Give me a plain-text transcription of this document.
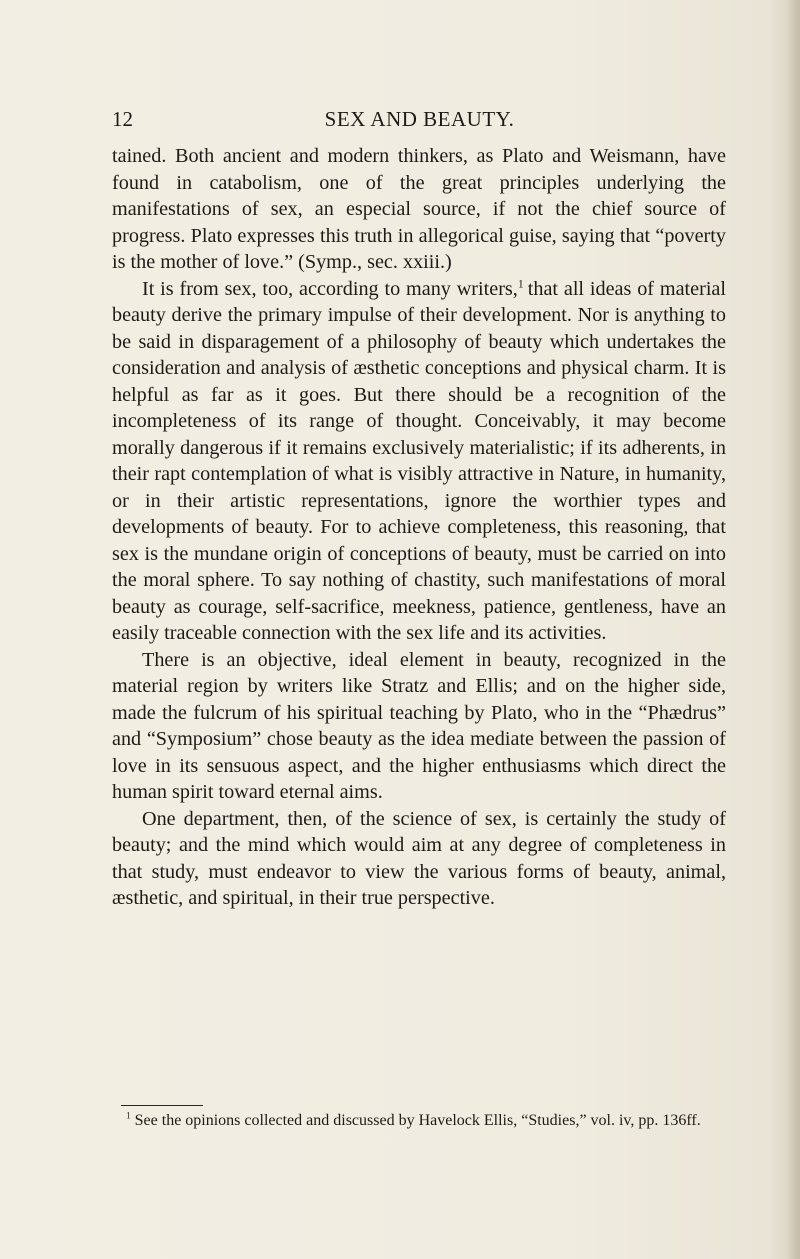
12	SEX AND BEAUTY.

tained. Both ancient and modern thinkers, as Plato and Weismann, have found in catabolism, one of the great principles underlying the manifestations of sex, an especial source, if not the chief source of progress. Plato expresses this truth in allegorical guise, saying that “poverty is the mother of love.” (Symp., sec. xxiii.)

It is from sex, too, according to many writers,$^1$ that all ideas of material beauty derive the primary impulse of their development. Nor is anything to be said in disparagement of a philosophy of beauty which undertakes the consideration and analysis of æsthetic conceptions and physical charm. It is helpful as far as it goes. But there should be a recognition of the incompleteness of its range of thought. Conceivably, it may become morally dangerous if it remains exclusively materialistic; if its adherents, in their rapt contemplation of what is visibly attractive in Nature, in humanity, or in their artistic representations, ignore the worthier types and developments of beauty. For to achieve completeness, this reasoning, that sex is the mundane origin of conceptions of beauty, must be carried on into the moral sphere. To say nothing of chastity, such manifestations of moral beauty as courage, self-sacrifice, meekness, patience, gentleness, have an easily traceable connection with the sex life and its activities.

There is an objective, ideal element in beauty, recognized in the material region by writers like Stratz and Ellis; and on the higher side, made the fulcrum of his spiritual teaching by Plato, who in the “Phædrus” and “Symposium” chose beauty as the idea mediate between the passion of love in its sensuous aspect, and the higher enthusiasms which direct the human spirit toward eternal aims.

One department, then, of the science of sex, is certainly the study of beauty; and the mind which would aim at any degree of completeness in that study, must endeavor to view the various forms of beauty, animal, æsthetic, and spiritual, in their true perspective.

$^1$ See the opinions collected and discussed by Havelock Ellis, “Studies,” vol. iv, pp. 136ff.
